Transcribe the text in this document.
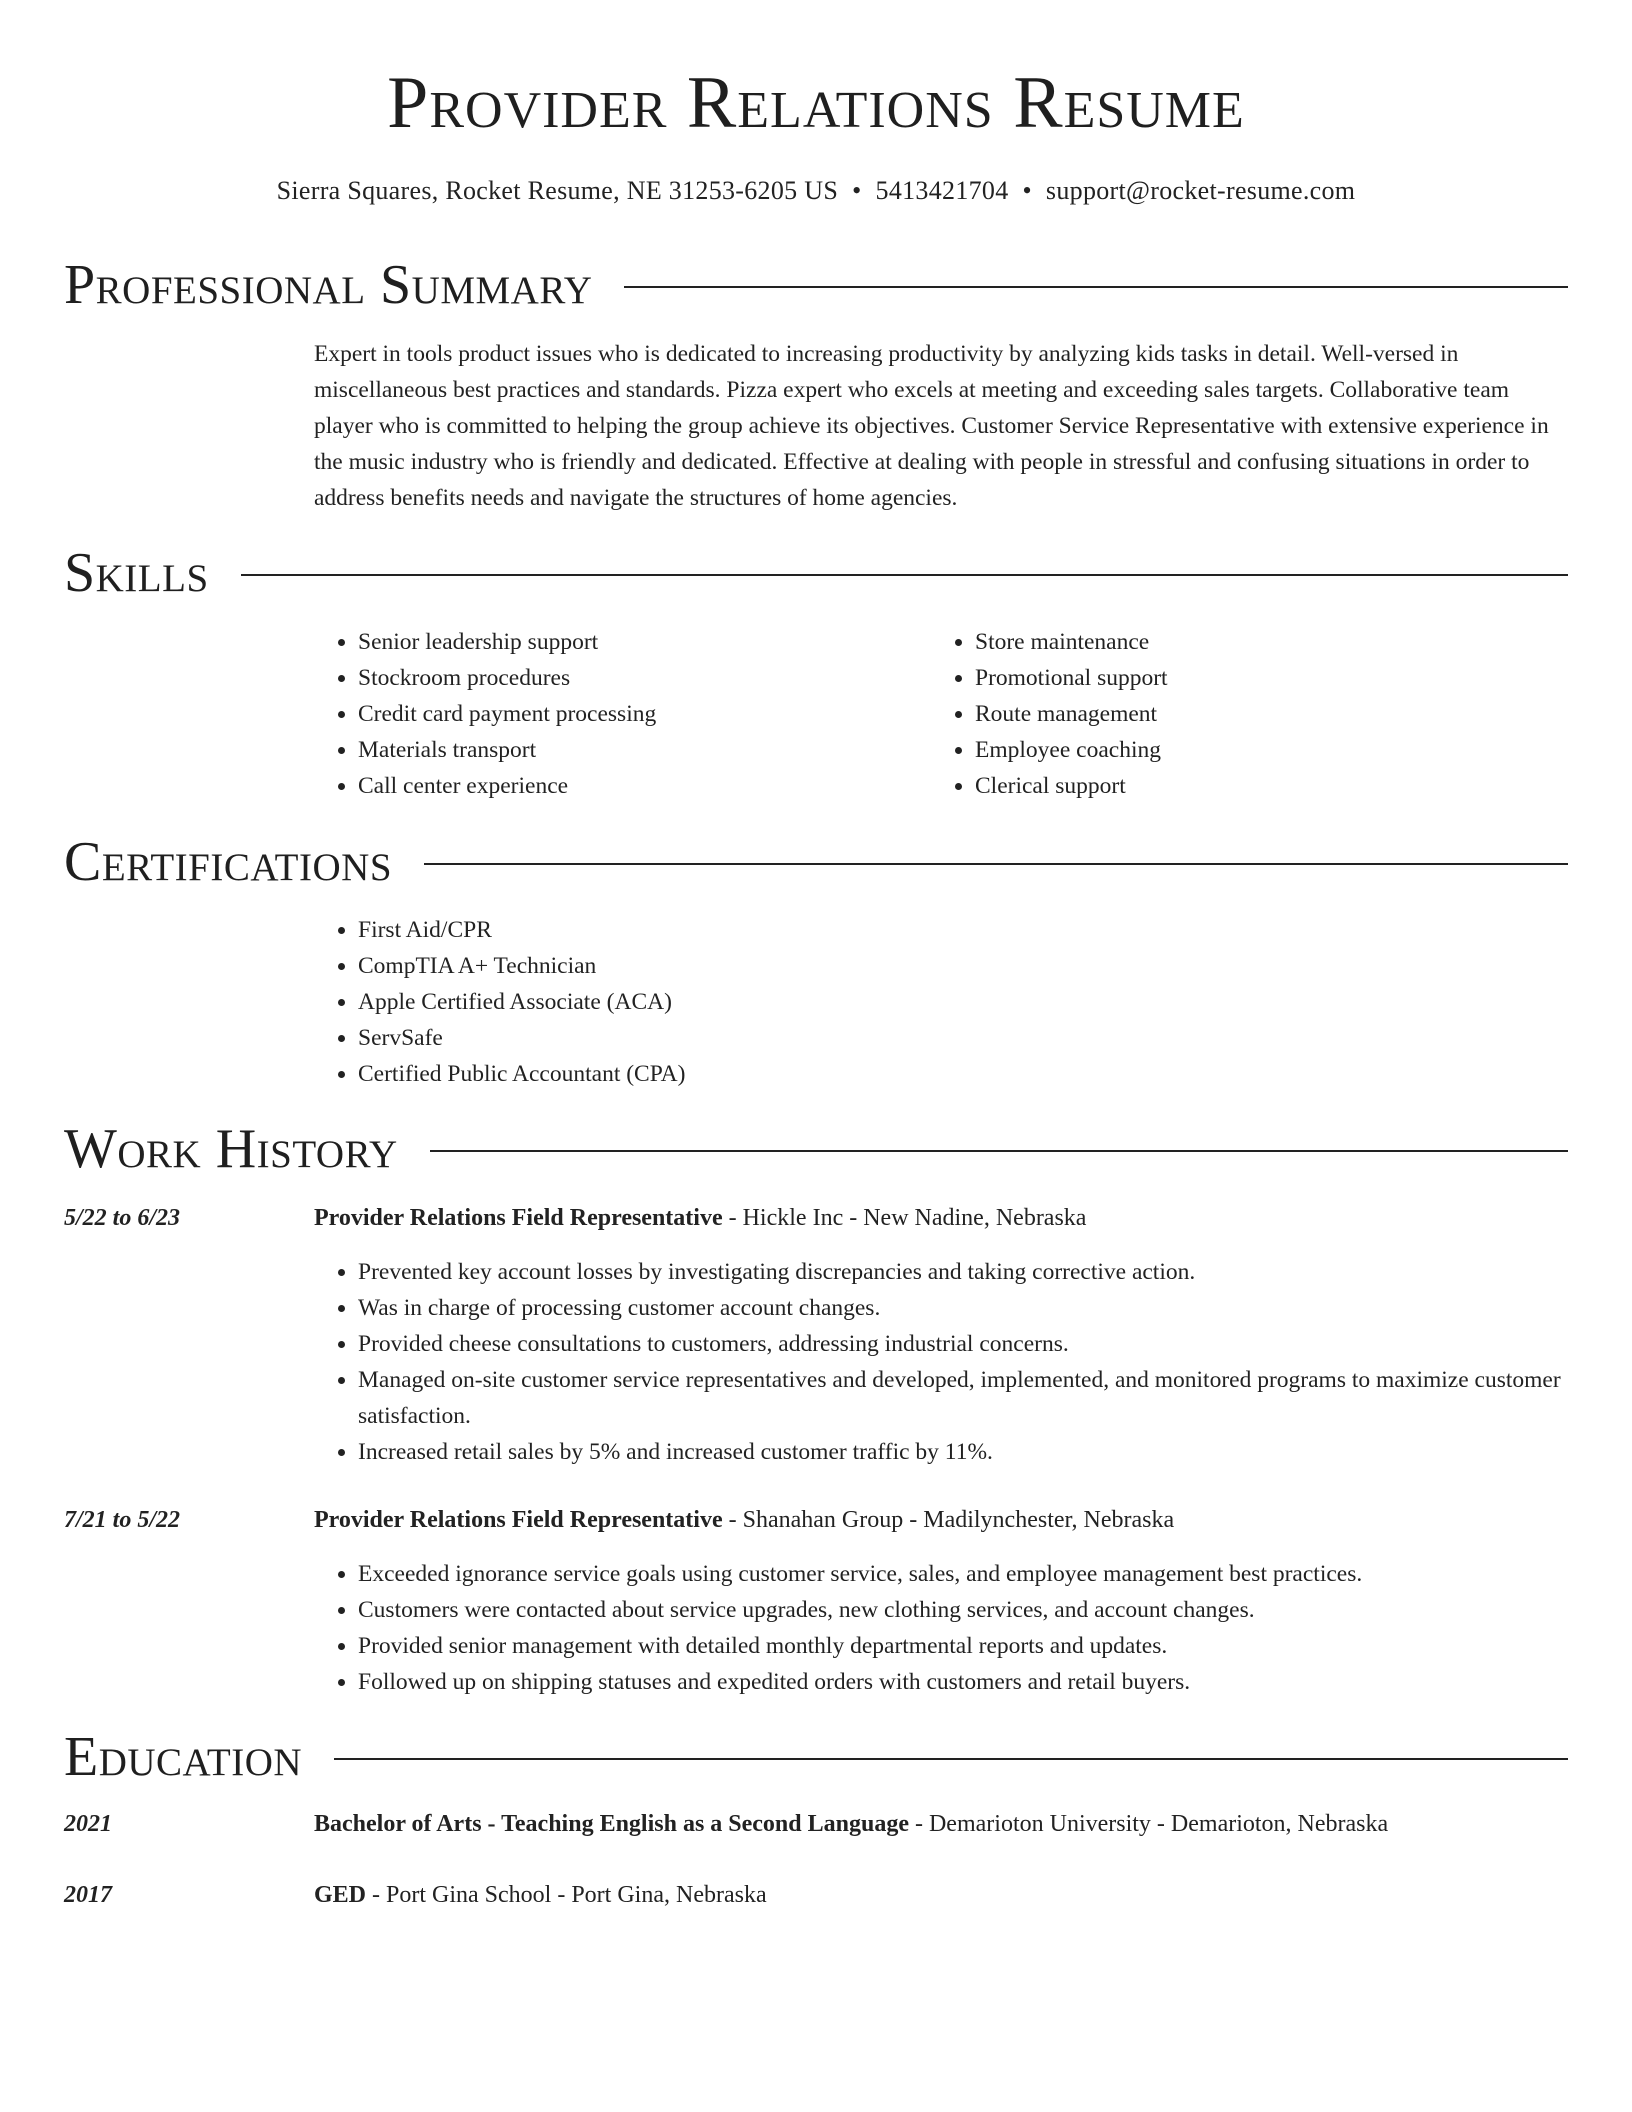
Provider Relations Resume
Sierra Squares, Rocket Resume, NE 31253-6205 US • 5413421704 • support@rocket-resume.com
Professional Summary

Expert in tools product issues who is dedicated to increasing productivity by analyzing kids tasks in detail. Well-versed in miscellaneous best practices and standards. Pizza expert who excels at meeting and exceeding sales targets. Collaborative team player who is committed to helping the group achieve its objectives. Customer Service Representative with extensive experience in the music industry who is friendly and dedicated. Effective at dealing with people in stressful and confusing situations in order to address benefits needs and navigate the structures of home agencies.

Skills
• Senior leadership support
• Stockroom procedures
• Credit card payment processing
• Materials transport
• Call center experience
• Store maintenance
• Promotional support
• Route management
• Employee coaching
• Clerical support
Certifications
• First Aid/CPR
• CompTIA A+ Technician
• Apple Certified Associate (ACA)
• ServSafe
• Certified Public Accountant (CPA)
Work History
5/22 to 6/23	Provider Relations Field Representative - Hickle Inc - New Nadine, Nebraska
• Prevented key account losses by investigating discrepancies and taking corrective action.
• Was in charge of processing customer account changes.
• Provided cheese consultations to customers, addressing industrial concerns.
• Managed on-site customer service representatives and developed, implemented, and monitored programs to maximize customer satisfaction.
• Increased retail sales by 5% and increased customer traffic by 11%.
7/21 to 5/22	Provider Relations Field Representative - Shanahan Group - Madilynchester, Nebraska
• Exceeded ignorance service goals using customer service, sales, and employee management best practices.
• Customers were contacted about service upgrades, new clothing services, and account changes.
• Provided senior management with detailed monthly departmental reports and updates.
• Followed up on shipping statuses and expedited orders with customers and retail buyers.
Education
2021	Bachelor of Arts - Teaching English as a Second Language - Demarioton University - Demarioton, Nebraska
2017	GED - Port Gina School - Port Gina, Nebraska
